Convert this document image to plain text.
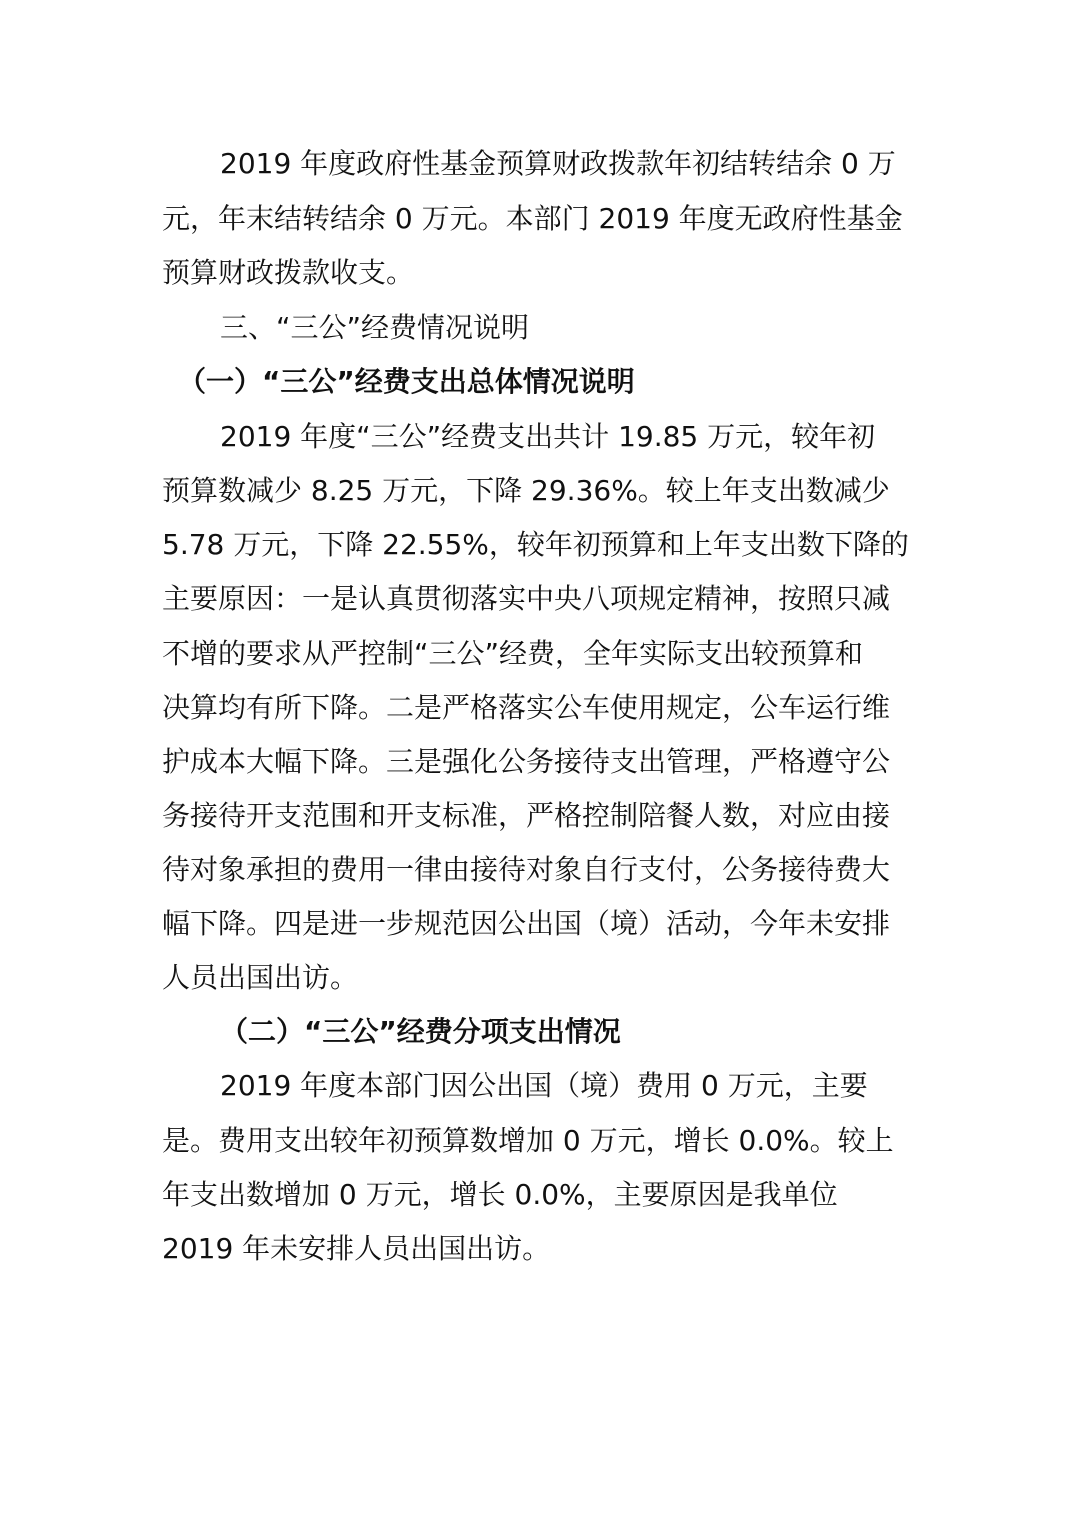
2019 年度政府性基金预算财政拨款年初结转结余 0 万
元，年末结转结余 0 万元。本部门 2019 年度无政府性基金
预算财政拨款收支。
三、“三公”经费情况说明
（一）“三公”经费支出总体情况说明
2019 年度“三公”经费支出共计 19.85 万元，较年初
预算数减少 8.25 万元，下降 29.36%。较上年支出数减少
5.78 万元，下降 22.55%，较年初预算和上年支出数下降的
主要原因：一是认真贯彻落实中央八项规定精神，按照只减
不增的要求从严控制“三公”经费，全年实际支出较预算和
决算均有所下降。二是严格落实公车使用规定，公车运行维
护成本大幅下降。三是强化公务接待支出管理，严格遵守公
务接待开支范围和开支标准，严格控制陪餐人数，对应由接
待对象承担的费用一律由接待对象自行支付，公务接待费大
幅下降。四是进一步规范因公出国（境）活动，今年未安排
人员出国出访。
（二）“三公”经费分项支出情况
2019 年度本部门因公出国（境）费用 0 万元，主要
是。费用支出较年初预算数增加 0 万元，增长 0.0%。较上
年支出数增加 0 万元，增长 0.0%，主要原因是我单位
2019 年未安排人员出国出访。
